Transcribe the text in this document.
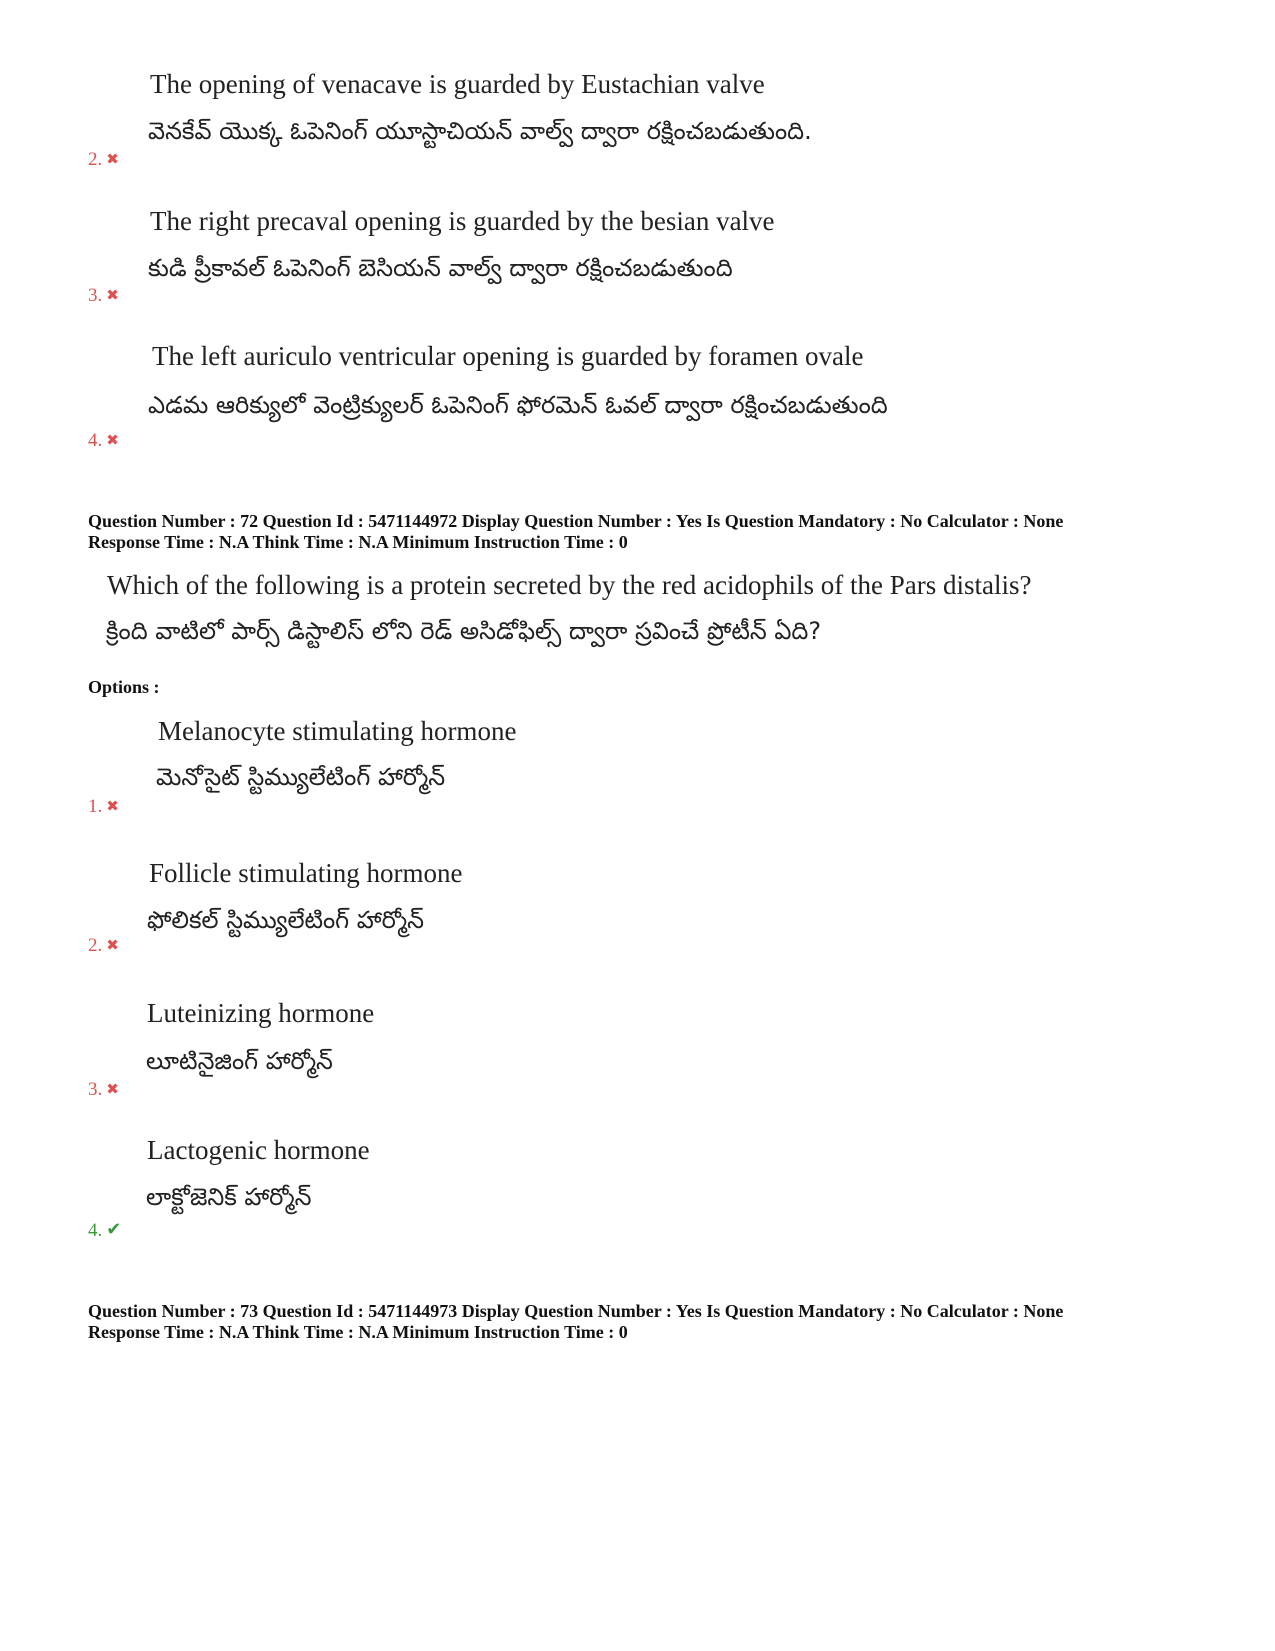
The opening of venacave is guarded by Eustachian valve
వెనకేవ్ యొక్క ఓపెనింగ్ యూస్టాచియన్ వాల్వ్ ద్వారా రక్షించబడుతుంది.
2. ✖
The right precaval opening is guarded by the besian valve
కుడి ప్రీకావల్ ఓపెనింగ్ బెసియన్ వాల్వ్ ద్వారా రక్షించబడుతుంది
3. ✖
The left auriculo ventricular opening is guarded by foramen ovale
ఎడమ ఆరిక్యులో వెంట్రిక్యులర్ ఓపెనింగ్ ఫోరమెన్ ఓవల్ ద్వారా రక్షించబడుతుంది
4. ✖
Question Number : 72 Question Id : 5471144972 Display Question Number : Yes Is Question Mandatory : No Calculator : None
Response Time : N.A Think Time : N.A Minimum Instruction Time : 0
Which of the following is a protein secreted by the red acidophils of the Pars distalis?
క్రింది వాటిలో పార్స్ డిస్టాలిస్ లోని రెడ్ అసిడోఫిల్స్ ద్వారా స్రవించే ప్రోటీన్ ఏది?
Options :
Melanocyte stimulating hormone
మెనోసైట్ స్టిమ్యులేటింగ్ హార్మోన్
1. ✖
Follicle stimulating hormone
ఫోలికల్ స్టిమ్యులేటింగ్ హార్మోన్
2. ✖
Luteinizing hormone
లూటినైజింగ్ హార్మోన్
3. ✖
Lactogenic hormone
లాక్టోజెనిక్ హార్మోన్
4. ✔
Question Number : 73 Question Id : 5471144973 Display Question Number : Yes Is Question Mandatory : No Calculator : None
Response Time : N.A Think Time : N.A Minimum Instruction Time : 0
